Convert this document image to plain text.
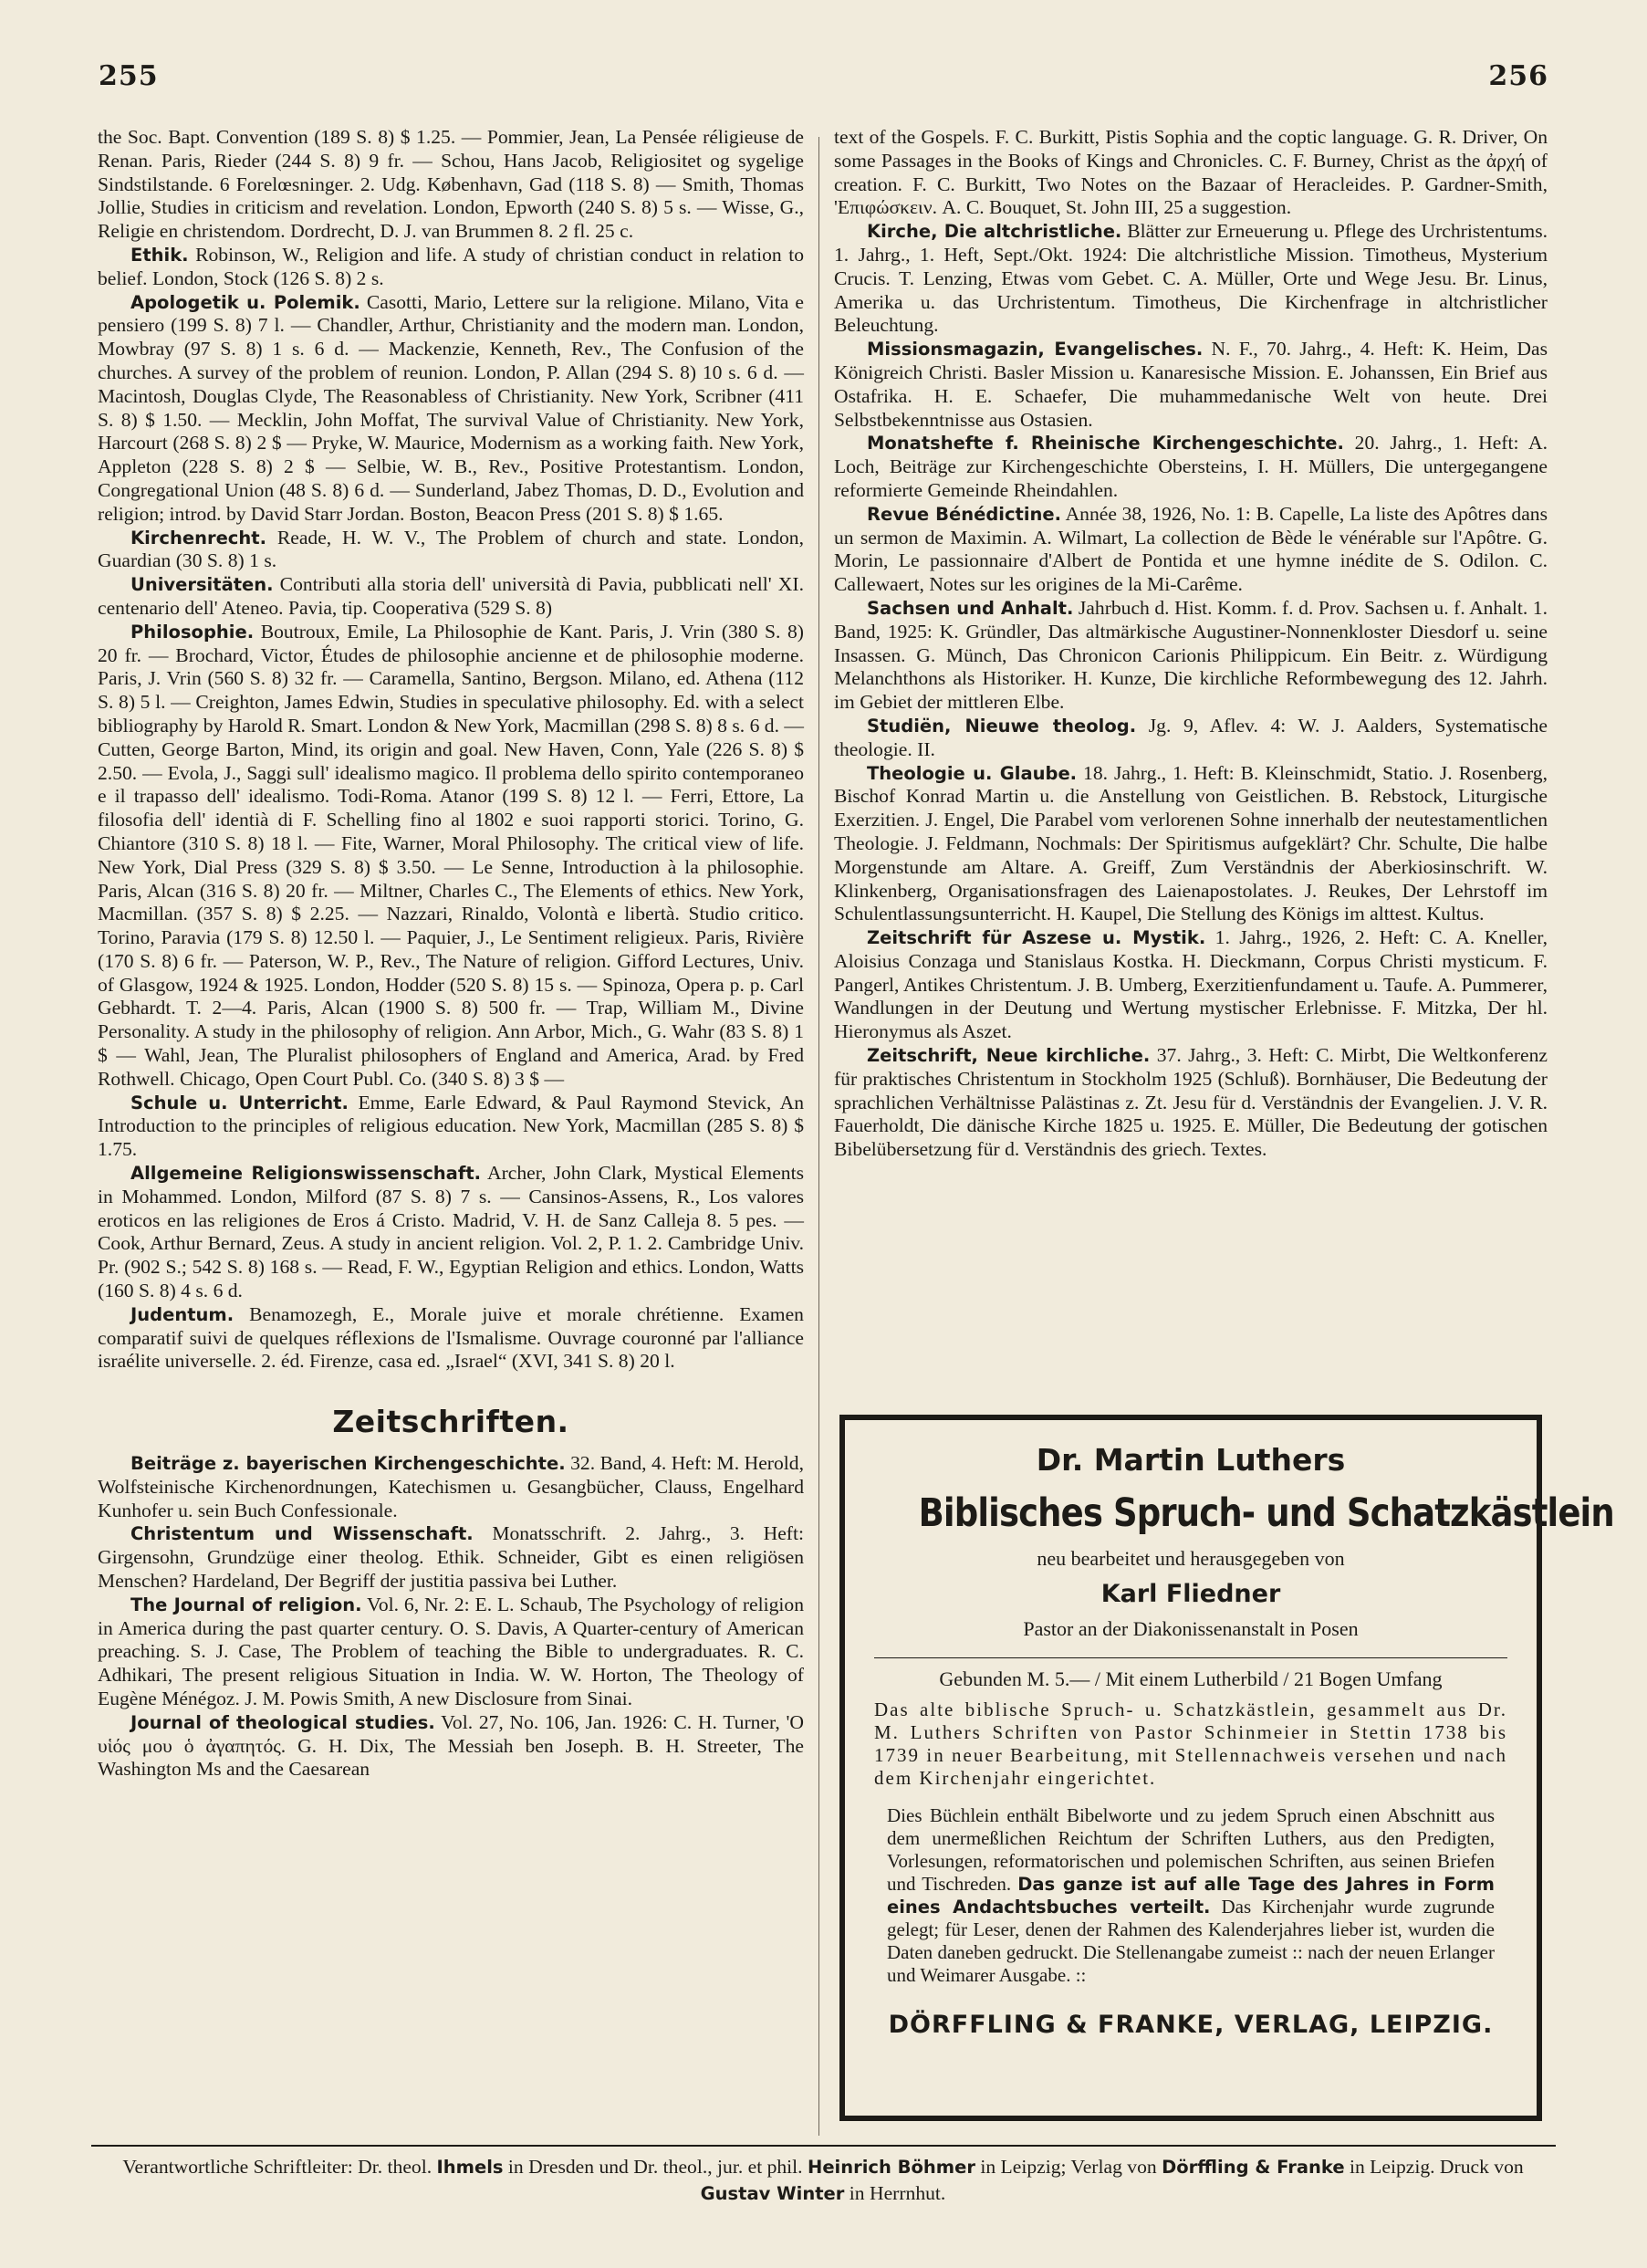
255	256

the Soc. Bapt. Convention (189 S. 8) $ 1.25. — Pommier, Jean, La Pensée réligieuse de Renan. Paris, Rieder (244 S. 8) 9 fr. — Schou, Hans Jacob, Religiositet og sygelige Sindstilstande. 6 Forelœsninger. 2. Udg. København, Gad (118 S. 8) — Smith, Thomas Jollie, Studies in criticism and revelation. London, Epworth (240 S. 8) 5 s. — Wisse, G., Religie en christendom. Dordrecht, D. J. van Brummen 8. 2 fl. 25 c.

Ethik. Robinson, W., Religion and life. A study of christian conduct in relation to belief. London, Stock (126 S. 8) 2 s.

Apologetik u. Polemik. Casotti, Mario, Lettere sur la religione. Milano, Vita e pensiero (199 S. 8) 7 l. — Chandler, Arthur, Christianity and the modern man. London, Mowbray (97 S. 8) 1 s. 6 d. — Mackenzie, Kenneth, Rev., The Confusion of the churches. A survey of the problem of reunion. London, P. Allan (294 S. 8) 10 s. 6 d. — Macintosh, Douglas Clyde, The Reasonabless of Christianity. New York, Scribner (411 S. 8) $ 1.50. — Mecklin, John Moffat, The survival Value of Christianity. New York, Harcourt (268 S. 8) 2 $ — Pryke, W. Maurice, Modernism as a working faith. New York, Appleton (228 S. 8) 2 $ — Selbie, W. B., Rev., Positive Protestantism. London, Congregational Union (48 S. 8) 6 d. — Sunderland, Jabez Thomas, D. D., Evolution and religion; introd. by David Starr Jordan. Boston, Beacon Press (201 S. 8) $ 1.65.

Kirchenrecht. Reade, H. W. V., The Problem of church and state. London, Guardian (30 S. 8) 1 s.

Universitäten. Contributi alla storia dell' università di Pavia, pubblicati nell' XI. centenario dell' Ateneo. Pavia, tip. Cooperativa (529 S. 8)

Philosophie. Boutroux, Emile, La Philosophie de Kant. Paris, J. Vrin (380 S. 8) 20 fr. — Brochard, Victor, Études de philosophie ancienne et de philosophie moderne. Paris, J. Vrin (560 S. 8) 32 fr. — Caramella, Santino, Bergson. Milano, ed. Athena (112 S. 8) 5 l. — Creighton, James Edwin, Studies in speculative philosophy. Ed. with a select bibliography by Harold R. Smart. London & New York, Macmillan (298 S. 8) 8 s. 6 d. — Cutten, George Barton, Mind, its origin and goal. New Haven, Conn, Yale (226 S. 8) $ 2.50. — Evola, J., Saggi sull' idealismo magico. Il problema dello spirito contemporaneo e il trapasso dell' idealismo. Todi-Roma. Atanor (199 S. 8) 12 l. — Ferri, Ettore, La filosofia dell' identià di F. Schelling fino al 1802 e suoi rapporti storici. Torino, G. Chiantore (310 S. 8) 18 l. — Fite, Warner, Moral Philosophy. The critical view of life. New York, Dial Press (329 S. 8) $ 3.50. — Le Senne, Introduction à la philosophie. Paris, Alcan (316 S. 8) 20 fr. — Miltner, Charles C., The Elements of ethics. New York, Macmillan. (357 S. 8) $ 2.25. — Nazzari, Rinaldo, Volontà e libertà. Studio critico. Torino, Paravia (179 S. 8) 12.50 l. — Paquier, J., Le Sentiment religieux. Paris, Rivière (170 S. 8) 6 fr. — Paterson, W. P., Rev., The Nature of religion. Gifford Lectures, Univ. of Glasgow, 1924 & 1925. London, Hodder (520 S. 8) 15 s. — Spinoza, Opera p. p. Carl Gebhardt. T. 2—4. Paris, Alcan (1900 S. 8) 500 fr. — Trap, William M., Divine Personality. A study in the philosophy of religion. Ann Arbor, Mich., G. Wahr (83 S. 8) 1 $ — Wahl, Jean, The Pluralist philosophers of England and America, Arad. by Fred Rothwell. Chicago, Open Court Publ. Co. (340 S. 8) 3 $ —

Schule u. Unterricht. Emme, Earle Edward, & Paul Raymond Stevick, An Introduction to the principles of religious education. New York, Macmillan (285 S. 8) $ 1.75.

Allgemeine Religionswissenschaft. Archer, John Clark, Mystical Elements in Mohammed. London, Milford (87 S. 8) 7 s. — Cansinos-Assens, R., Los valores eroticos en las religiones de Eros á Cristo. Madrid, V. H. de Sanz Calleja 8. 5 pes. — Cook, Arthur Bernard, Zeus. A study in ancient religion. Vol. 2, P. 1. 2. Cambridge Univ. Pr. (902 S.; 542 S. 8) 168 s. — Read, F. W., Egyptian Religion and ethics. London, Watts (160 S. 8) 4 s. 6 d.

Judentum. Benamozegh, E., Morale juive et morale chrétienne. Examen comparatif suivi de quelques réflexions de l'Ismalisme. Ouvrage couronné par l'alliance israélite universelle. 2. éd. Firenze, casa ed. „Israel“ (XVI, 341 S. 8) 20 l.

Zeitschriften.

Beiträge z. bayerischen Kirchengeschichte. 32. Band, 4. Heft: M. Herold, Wolfsteinische Kirchenordnungen, Katechismen u. Gesangbücher, Clauss, Engelhard Kunhofer u. sein Buch Confessionale.

Christentum und Wissenschaft. Monatsschrift. 2. Jahrg., 3. Heft: Girgensohn, Grundzüge einer theolog. Ethik. Schneider, Gibt es einen religiösen Menschen? Hardeland, Der Begriff der justitia passiva bei Luther.

The Journal of religion. Vol. 6, Nr. 2: E. L. Schaub, The Psychology of religion in America during the past quarter century. O. S. Davis, A Quarter-century of American preaching. S. J. Case, The Problem of teaching the Bible to undergraduates. R. C. Adhikari, The present religious Situation in India. W. W. Horton, The Theology of Eugène Ménégoz. J. M. Powis Smith, A new Disclosure from Sinai.

Journal of theological studies. Vol. 27, No. 106, Jan. 1926: C. H. Turner, 'Ο υἱός μου ὁ ἀγαπητός. G. H. Dix, The Messiah ben Joseph. B. H. Streeter, The Washington Ms and the Caesarean

text of the Gospels. F. C. Burkitt, Pistis Sophia and the coptic language. G. R. Driver, On some Passages in the Books of Kings and Chronicles. C. F. Burney, Christ as the ἀρχή of creation. F. C. Burkitt, Two Notes on the Bazaar of Heracleides. P. Gardner-Smith, 'Επιφώσκειν. A. C. Bouquet, St. John III, 25 a suggestion.

Kirche, Die altchristliche. Blätter zur Erneuerung u. Pflege des Urchristentums. 1. Jahrg., 1. Heft, Sept./Okt. 1924: Die altchristliche Mission. Timotheus, Mysterium Crucis. T. Lenzing, Etwas vom Gebet. C. A. Müller, Orte und Wege Jesu. Br. Linus, Amerika u. das Urchristentum. Timotheus, Die Kirchenfrage in altchristlicher Beleuchtung.

Missionsmagazin, Evangelisches. N. F., 70. Jahrg., 4. Heft: K. Heim, Das Königreich Christi. Basler Mission u. Kanaresische Mission. E. Johanssen, Ein Brief aus Ostafrika. H. E. Schaefer, Die muhammedanische Welt von heute. Drei Selbstbekenntnisse aus Ostasien.

Monatshefte f. Rheinische Kirchengeschichte. 20. Jahrg., 1. Heft: A. Loch, Beiträge zur Kirchengeschichte Obersteins, I. H. Müllers, Die untergegangene reformierte Gemeinde Rheindahlen.

Revue Bénédictine. Année 38, 1926, No. 1: B. Capelle, La liste des Apôtres dans un sermon de Maximin. A. Wilmart, La collection de Bède le vénérable sur l'Apôtre. G. Morin, Le passionnaire d'Albert de Pontida et une hymne inédite de S. Odilon. C. Callewaert, Notes sur les origines de la Mi-Carême.

Sachsen und Anhalt. Jahrbuch d. Hist. Komm. f. d. Prov. Sachsen u. f. Anhalt. 1. Band, 1925: K. Gründler, Das altmärkische Augustiner-Nonnenkloster Diesdorf u. seine Insassen. G. Münch, Das Chronicon Carionis Philippicum. Ein Beitr. z. Würdigung Melanchthons als Historiker. H. Kunze, Die kirchliche Reformbewegung des 12. Jahrh. im Gebiet der mittleren Elbe.

Studiën, Nieuwe theolog. Jg. 9, Aflev. 4: W. J. Aalders, Systematische theologie. II.

Theologie u. Glaube. 18. Jahrg., 1. Heft: B. Kleinschmidt, Statio. J. Rosenberg, Bischof Konrad Martin u. die Anstellung von Geistlichen. B. Rebstock, Liturgische Exerzitien. J. Engel, Die Parabel vom verlorenen Sohne innerhalb der neutestamentlichen Theologie. J. Feldmann, Nochmals: Der Spiritismus aufgeklärt? Chr. Schulte, Die halbe Morgenstunde am Altare. A. Greiff, Zum Verständnis der Aberkiosinschrift. W. Klinkenberg, Organisationsfragen des Laienapostolates. J. Reukes, Der Lehrstoff im Schulentlassungsunterricht. H. Kaupel, Die Stellung des Königs im alttest. Kultus.

Zeitschrift für Aszese u. Mystik. 1. Jahrg., 1926, 2. Heft: C. A. Kneller, Aloisius Conzaga und Stanislaus Kostka. H. Dieckmann, Corpus Christi mysticum. F. Pangerl, Antikes Christentum. J. B. Umberg, Exerzitienfundament u. Taufe. A. Pummerer, Wandlungen in der Deutung und Wertung mystischer Erlebnisse. F. Mitzka, Der hl. Hieronymus als Aszet.

Zeitschrift, Neue kirchliche. 37. Jahrg., 3. Heft: C. Mirbt, Die Weltkonferenz für praktisches Christentum in Stockholm 1925 (Schluß). Bornhäuser, Die Bedeutung der sprachlichen Verhältnisse Palästinas z. Zt. Jesu für d. Verständnis der Evangelien. J. V. R. Fauerholdt, Die dänische Kirche 1825 u. 1925. E. Müller, Die Bedeutung der gotischen Bibelübersetzung für d. Verständnis des griech. Textes.

Dr. Martin Luthers
Biblisches Spruch- und Schatzkästlein
neu bearbeitet und herausgegeben von
Karl Fliedner
Pastor an der Diakonissenanstalt in Posen
Gebunden M. 5.— / Mit einem Lutherbild / 21 Bogen Umfang
Das alte biblische Spruch- u. Schatzkästlein, gesammelt aus Dr. M. Luthers Schriften von Pastor Schinmeier in Stettin 1738 bis 1739 in neuer Bearbeitung, mit Stellennachweis versehen und nach dem Kirchenjahr eingerichtet.
Dies Büchlein enthält Bibelworte und zu jedem Spruch einen Abschnitt aus dem unermeßlichen Reichtum der Schriften Luthers, aus den Predigten, Vorlesungen, reformatorischen und polemischen Schriften, aus seinen Briefen und Tischreden. Das ganze ist auf alle Tage des Jahres in Form eines Andachtsbuches verteilt. Das Kirchenjahr wurde zugrunde gelegt; für Leser, denen der Rahmen des Kalenderjahres lieber ist, wurden die Daten daneben gedruckt. Die Stellenangabe zumeist :: nach der neuen Erlanger und Weimarer Ausgabe. ::
DÖRFFLING & FRANKE, VERLAG, LEIPZIG.
Verantwortliche Schriftleiter: Dr. theol. Ihmels in Dresden und Dr. theol., jur. et phil. Heinrich Böhmer in Leipzig; Verlag von Dörffling & Franke in Leipzig. Druck von Gustav Winter in Herrnhut.
